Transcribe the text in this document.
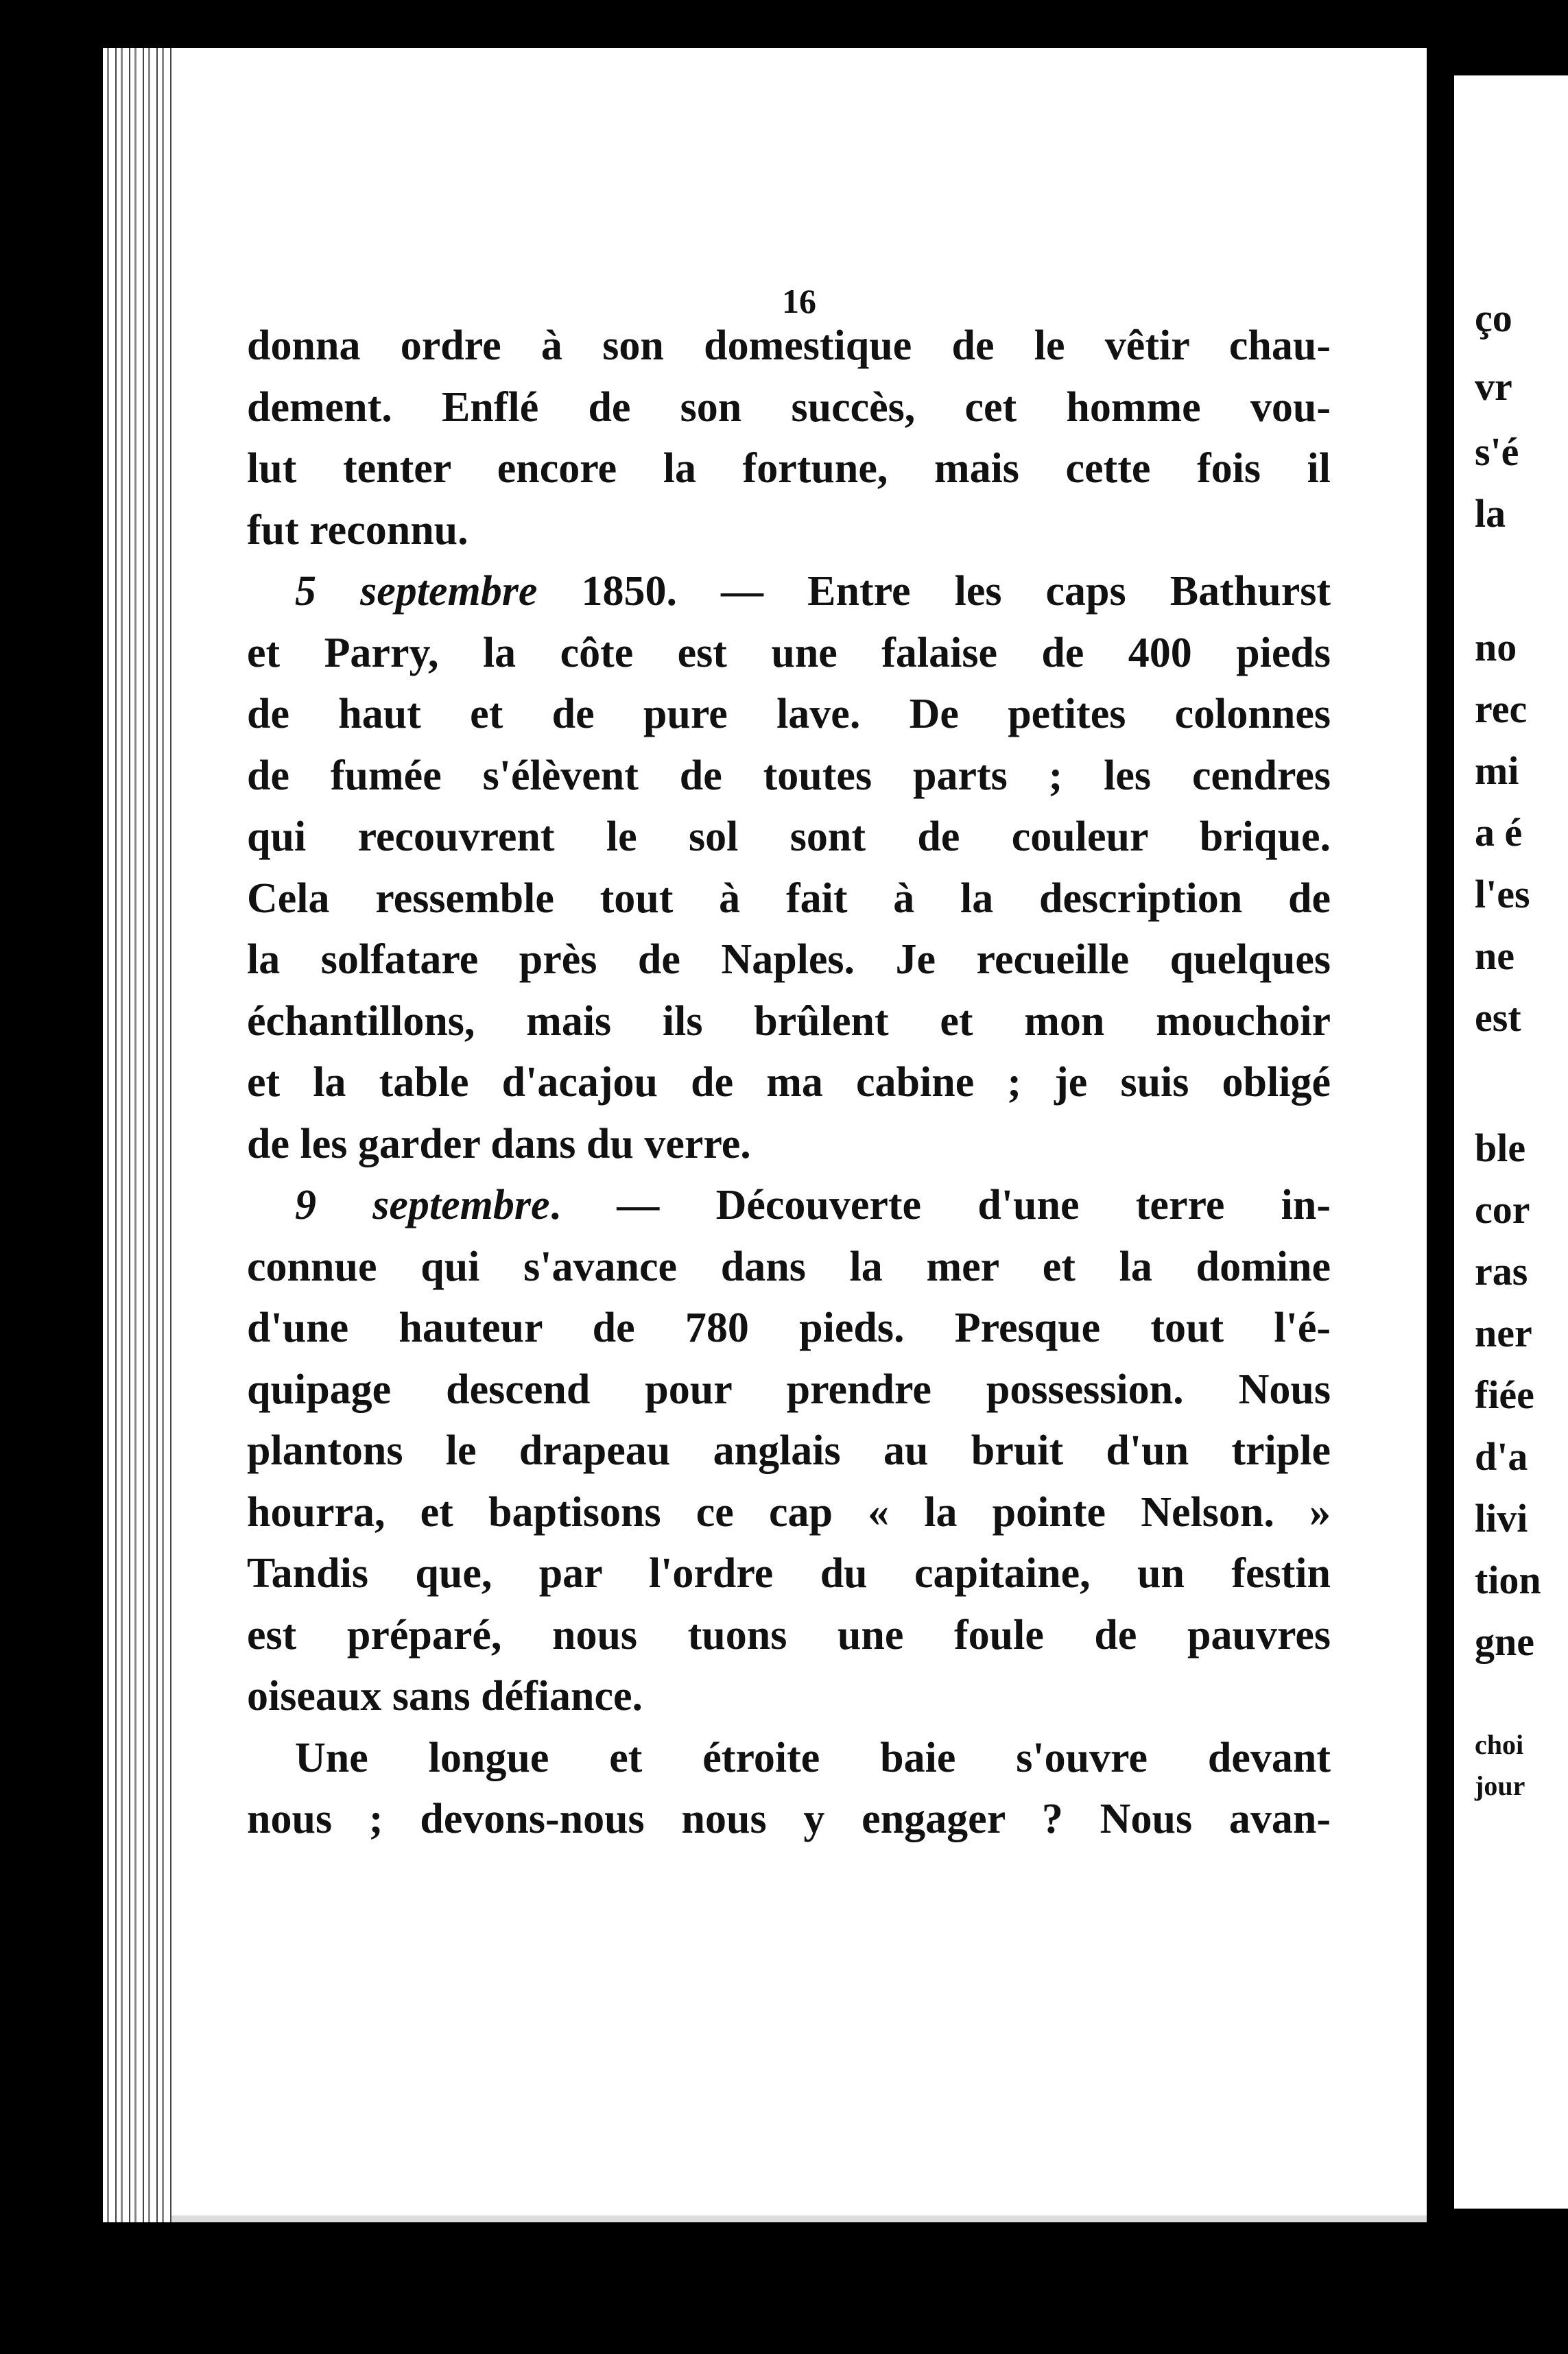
16
donna ordre à son domestique de le vêtir chau-
dement. Enflé de son succès, cet homme vou-
lut tenter encore la fortune, mais cette fois il
fut reconnu.
5 septembre 1850. — Entre les caps Bathurst
et Parry, la côte est une falaise de 400 pieds
de haut et de pure lave. De petites colonnes
de fumée s'élèvent de toutes parts ; les cendres
qui recouvrent le sol sont de couleur brique.
Cela ressemble tout à fait à la description de
la solfatare près de Naples. Je recueille quelques
échantillons, mais ils brûlent et mon mouchoir
et la table d'acajou de ma cabine ; je suis obligé
de les garder dans du verre.
9 septembre. — Découverte d'une terre in-
connue qui s'avance dans la mer et la domine
d'une hauteur de 780 pieds. Presque tout l'é-
quipage descend pour prendre possession. Nous
plantons le drapeau anglais au bruit d'un triple
hourra, et baptisons ce cap « la pointe Nelson. »
Tandis que, par l'ordre du capitaine, un festin
est préparé, nous tuons une foule de pauvres
oiseaux sans défiance.
Une longue et étroite baie s'ouvre devant
nous ; devons-nous nous y engager ? Nous avan-
ço
vr
s'é
la
no
rec
mi
a é
l'es
ne
est
ble
cor
ras
ner
fiée
d'a
livi
tion
gne
choi
jour
